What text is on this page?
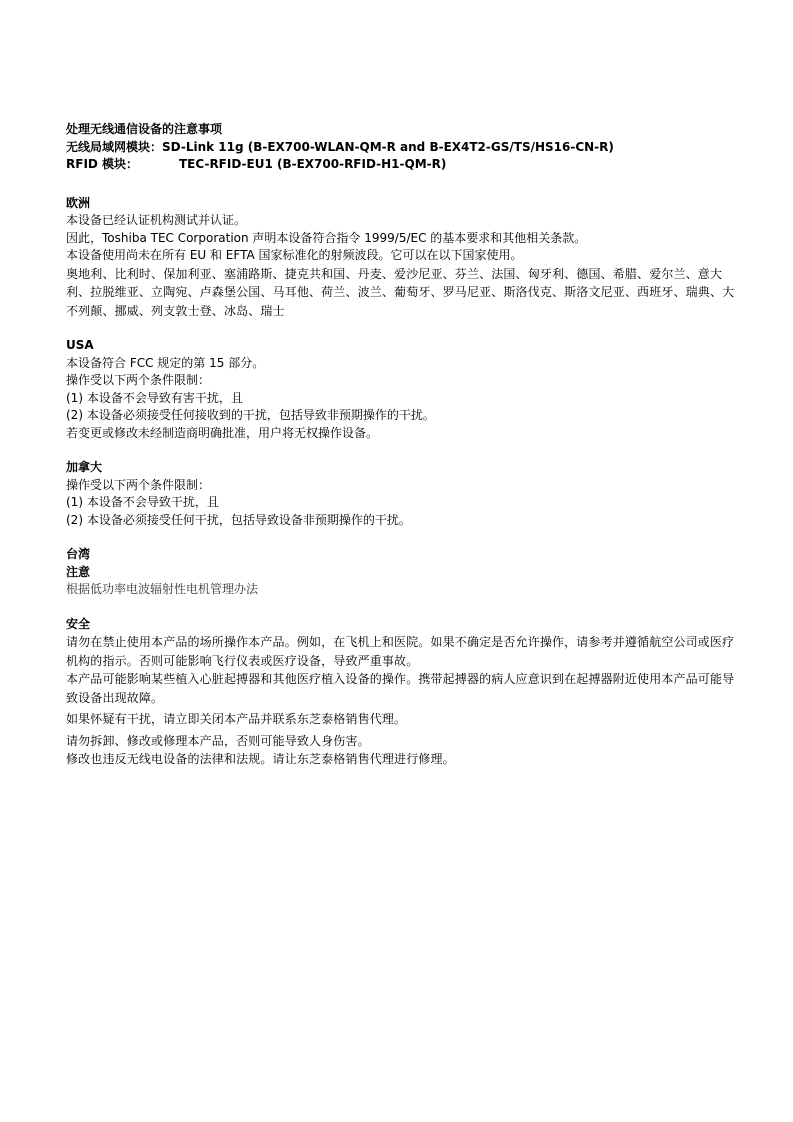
处理无线通信设备的注意事项
无线局域网模块： SD-Link 11g (B-EX700-WLAN-QM-R and B-EX4T2-GS/TS/HS16-CN-R)
RFID 模块：	TEC-RFID-EU1 (B-EX700-RFID-H1-QM-R)
欧洲
本设备已经认证机构测试并认证。
因此，Toshiba TEC Corporation 声明本设备符合指令 1999/5/EC 的基本要求和其他相关条款。
本设备使用尚未在所有 EU 和 EFTA 国家标准化的射频波段。它可以在以下国家使用。
奥地利、比利时、保加利亚、塞浦路斯、捷克共和国、丹麦、爱沙尼亚、芬兰、法国、匈牙利、德国、希腊、爱尔兰、意大利、拉脱维亚、立陶宛、卢森堡公国、马耳他、荷兰、波兰、葡萄牙、罗马尼亚、斯洛伐克、斯洛文尼亚、西班牙、瑞典、大不列颠、挪威、列支敦士登、冰岛、瑞士
USA
本设备符合 FCC 规定的第 15 部分。
操作受以下两个条件限制：
(1) 本设备不会导致有害干扰，且
(2) 本设备必须接受任何接收到的干扰，包括导致非预期操作的干扰。
若变更或修改未经制造商明确批准，用户将无权操作设备。
加拿大
操作受以下两个条件限制：
(1) 本设备不会导致干扰，且
(2) 本设备必须接受任何干扰，包括导致设备非预期操作的干扰。
台湾
注意
根据低功率电波辐射性电机管理办法
安全
请勿在禁止使用本产品的场所操作本产品。例如，在飞机上和医院。如果不确定是否允许操作，请参考并遵循航空公司或医疗机构的指示。否则可能影响飞行仪表或医疗设备，导致严重事故。
本产品可能影响某些植入心脏起搏器和其他医疗植入设备的操作。携带起搏器的病人应意识到在起搏器附近使用本产品可能导致设备出现故障。
如果怀疑有干扰，请立即关闭本产品并联系东芝泰格销售代理。
请勿拆卸、修改或修理本产品，否则可能导致人身伤害。
修改也违反无线电设备的法律和法规。请让东芝泰格销售代理进行修理。
